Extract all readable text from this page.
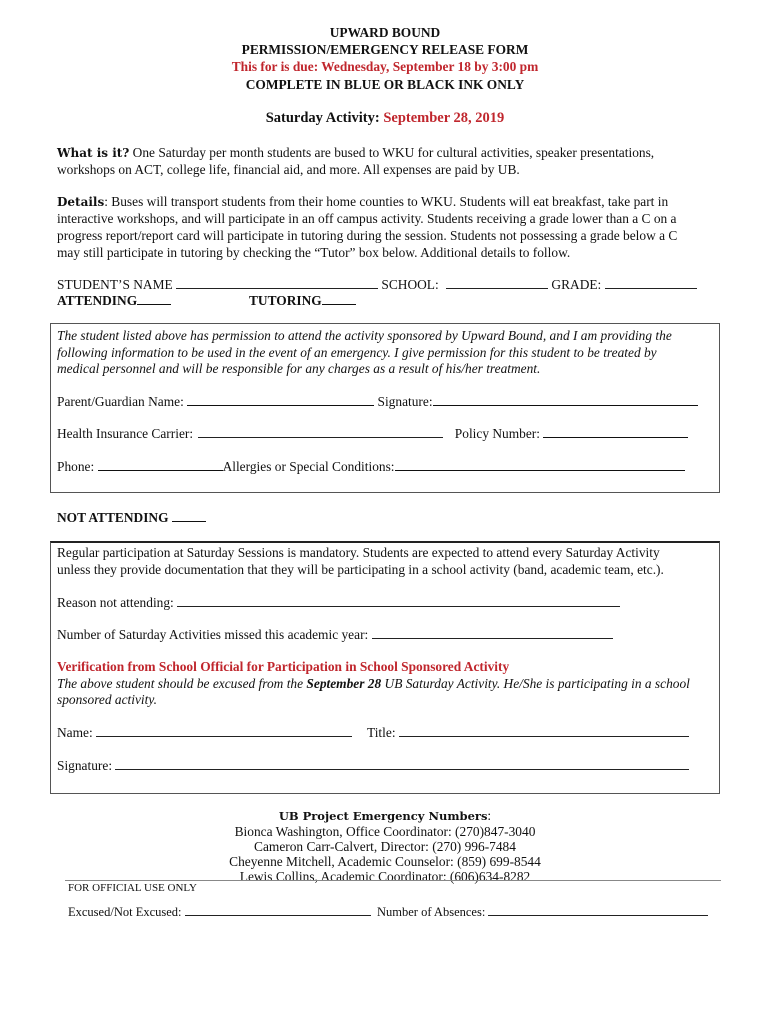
UPWARD BOUND
PERMISSION/EMERGENCY RELEASE FORM
This for is due: Wednesday, September 18 by 3:00 pm
COMPLETE IN BLUE OR BLACK INK ONLY
Saturday Activity: September 28, 2019
What is it? One Saturday per month students are bused to WKU for cultural activities, speaker presentations,
workshops on ACT, college life, financial aid, and more. All expenses are paid by UB.
Details: Buses will transport students from their home counties to WKU. Students will eat breakfast, take part in
interactive workshops, and will participate in an off campus activity. Students receiving a grade lower than a C on a
progress report/report card will participate in tutoring during the session. Students not possessing a grade below a C
may still participate in tutoring by checking the “Tutor” box below. Additional details to follow.
STUDENT’S NAME	SCHOOL:	GRADE:
ATTENDING	TUTORING
The student listed above has permission to attend the activity sponsored by Upward Bound, and I am providing the
following information to be used in the event of an emergency. I give permission for this student to be treated by
medical personnel and will be responsible for any charges as a result of his/her treatment.
Parent/Guardian Name:	Signature:
Health Insurance Carrier:	Policy Number:
Phone:	Allergies or Special Conditions:
NOT ATTENDING
Regular participation at Saturday Sessions is mandatory. Students are expected to attend every Saturday Activity
unless they provide documentation that they will be participating in a school activity (band, academic team, etc.).
Reason not attending:
Number of Saturday Activities missed this academic year:
Verification from School Official for Participation in School Sponsored Activity
The above student should be excused from the September 28 UB Saturday Activity. He/She is participating in a school
sponsored activity.
Name:	Title:
Signature:
UB Project Emergency Numbers:
Bionca Washington, Office Coordinator: (270)847-3040
Cameron Carr-Calvert, Director: (270) 996-7484
Cheyenne Mitchell, Academic Counselor: (859) 699-8544
Lewis Collins, Academic Coordinator: (606)634-8282
FOR OFFICIAL USE ONLY
Excused/Not Excused:	Number of Absences:
